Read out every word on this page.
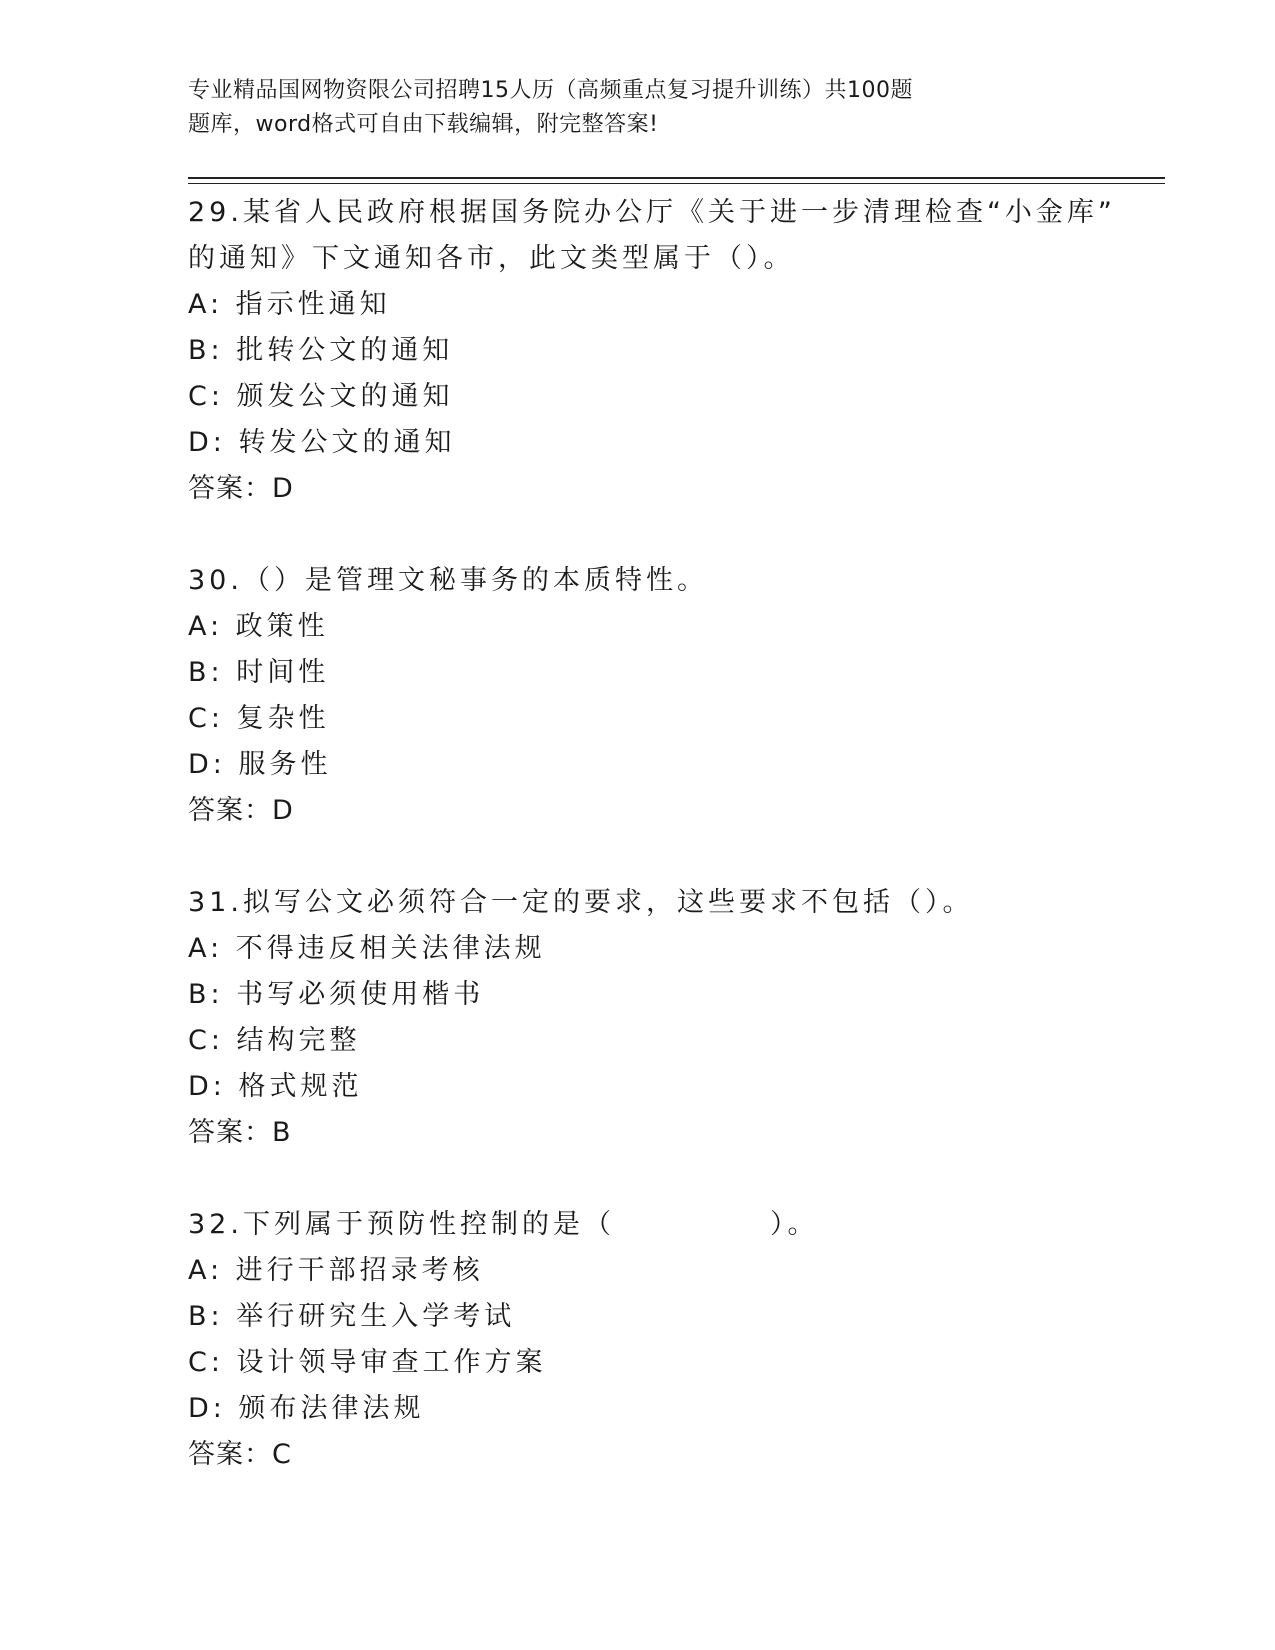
专业精品国网物资限公司招聘15人历（高频重点复习提升训练）共100题
题库，word格式可自由下载编辑，附完整答案!
29.某省人民政府根据国务院办公厅《关于进一步清理检查“小金库”
的通知》下文通知各市，此文类型属于（）。
A: 指示性通知
B: 批转公文的通知
C: 颁发公文的通知
D: 转发公文的通知
答案：D
30.（）是管理文秘事务的本质特性。
A: 政策性
B: 时间性
C: 复杂性
D: 服务性
答案：D
31.拟写公文必须符合一定的要求，这些要求不包括（）。
A: 不得违反相关法律法规
B: 书写必须使用楷书
C: 结构完整
D: 格式规范
答案：B
32.下列属于预防性控制的是（　　　　　）。
A: 进行干部招录考核
B: 举行研究生入学考试
C: 设计领导审查工作方案
D: 颁布法律法规
答案：C
